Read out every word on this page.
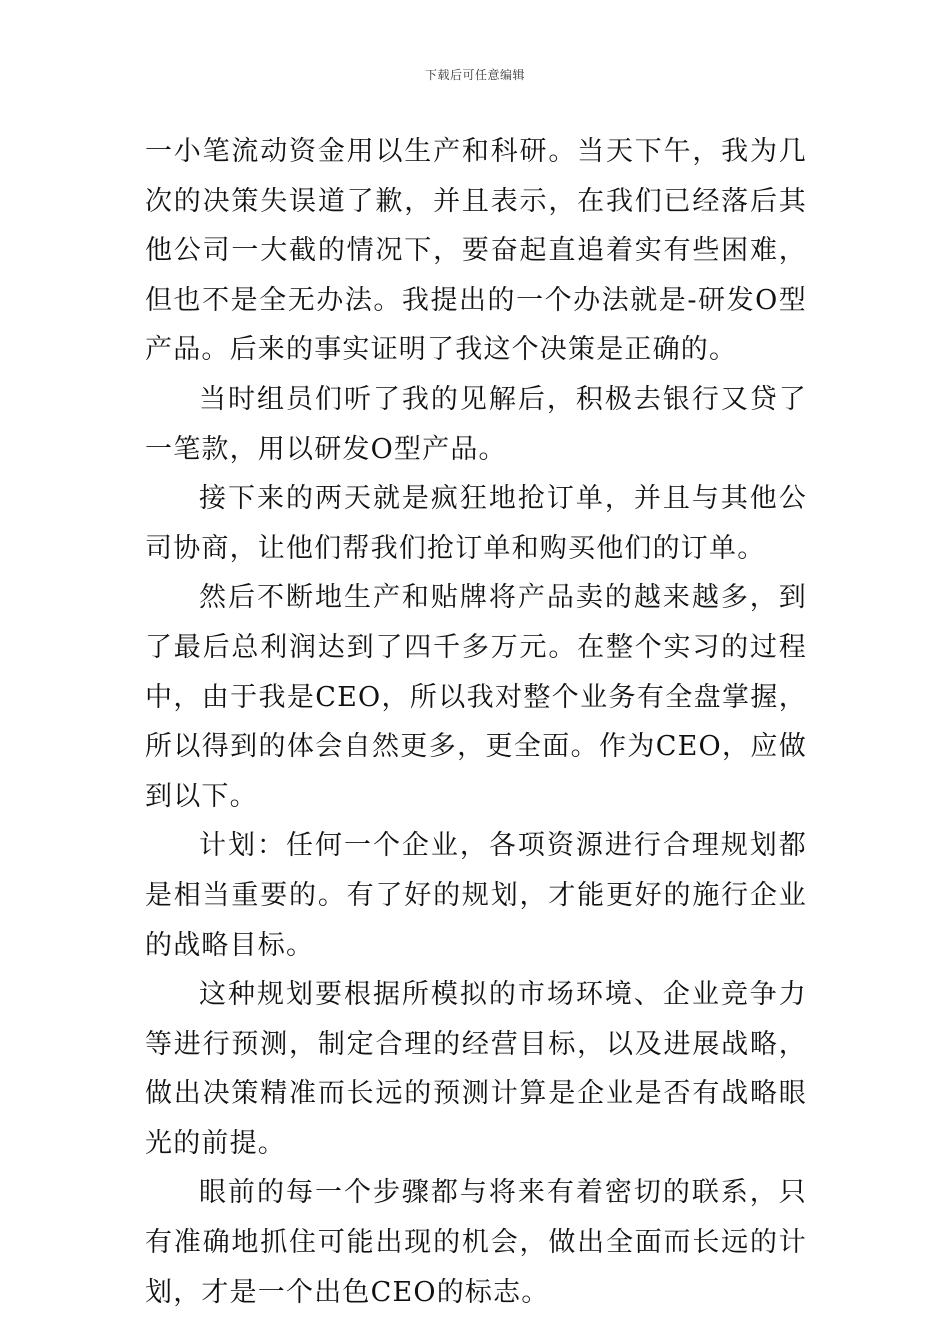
下载后可任意编辑

一小笔流动资金用以生产和科研。当天下午，我为几次的决策失误道了歉，并且表示，在我们已经落后其他公司一大截的情况下，要奋起直追着实有些困难，但也不是全无办法。我提出的一个办法就是-研发O型产品。后来的事实证明了我这个决策是正确的。

当时组员们听了我的见解后，积极去银行又贷了一笔款，用以研发O型产品。

接下来的两天就是疯狂地抢订单，并且与其他公司协商，让他们帮我们抢订单和购买他们的订单。

然后不断地生产和贴牌将产品卖的越来越多，到了最后总利润达到了四千多万元。在整个实习的过程中，由于我是CEO，所以我对整个业务有全盘掌握，所以得到的体会自然更多，更全面。作为CEO，应做到以下。

计划：任何一个企业，各项资源进行合理规划都是相当重要的。有了好的规划，才能更好的施行企业的战略目标。

这种规划要根据所模拟的市场环境、企业竞争力等进行预测，制定合理的经营目标，以及进展战略，做出决策精准而长远的预测计算是企业是否有战略眼光的前提。

眼前的每一个步骤都与将来有着密切的联系，只有准确地抓住可能出现的机会，做出全面而长远的计划，才是一个出色CEO的标志。
